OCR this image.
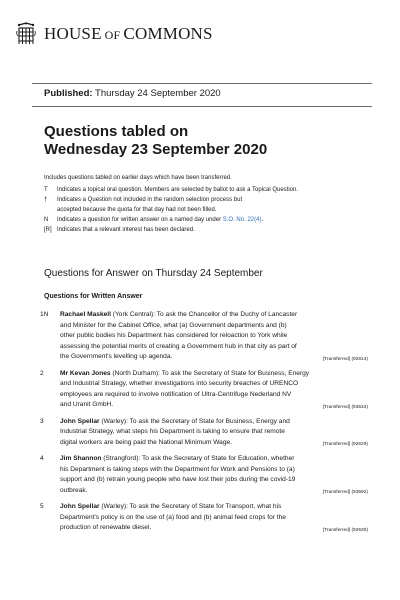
HOUSE OF COMMONS
Published: Thursday 24 September 2020
Questions tabled on
Wednesday 23 September 2020
Includes questions tabled on earlier days which have been transferred.
T	Indicates a topical oral question. Members are selected by ballot to ask a Topical Question.
†	Indicates a Question not included in the random selection process but
accepted because the quota for that day had not been filled.
N	Indicates a question for written answer on a named day under S.O. No. 22(4).
[R] Indicates that a relevant interest has been declared.
Questions for Answer on Thursday 24 September
Questions for Written Answer
1N	Rachael Maskell (York Central): To ask the Chancellor of the Duchy of Lancaster
and Minister for the Cabinet Office, what (a) Government departments and (b)
other public bodies his Department has considered for reloaction to York while
assessing the potential merits of creating a Government hub in that city as part of
the Government's levelling up agenda.	[Transferred] (92814)
2	Mr Kevan Jones (North Durham): To ask the Secretary of State for Business, Energy
and Industrial Strategy, whether investigations into security breaches of URENCO
employees are required to involve notification of Ultra-Centrifuge Nederland NV
and Uranit GmbH.	[Transferred] (93534)
3	John Spellar (Warley): To ask the Secretary of State for Business, Energy and
Industrial Strategy, what steps his Department is taking to ensure that remote
digital workers are being paid the National Minimum Wage.	[Transferred] (92629)
4	Jim Shannon (Strangford): To ask the Secretary of State for Education, whether
his Department is taking steps with the Department for Work and Pensions to (a)
support and (b) retrain young people who have lost their jobs during the covid-19
outbreak.	[Transferred] (93592)
5	John Spellar (Warley): To ask the Secretary of State for Transport, what his
Department's policy is on the use of (a) food and (b) animal feed crops for the
production of renewable diesel.	[Transferred] (92630)
